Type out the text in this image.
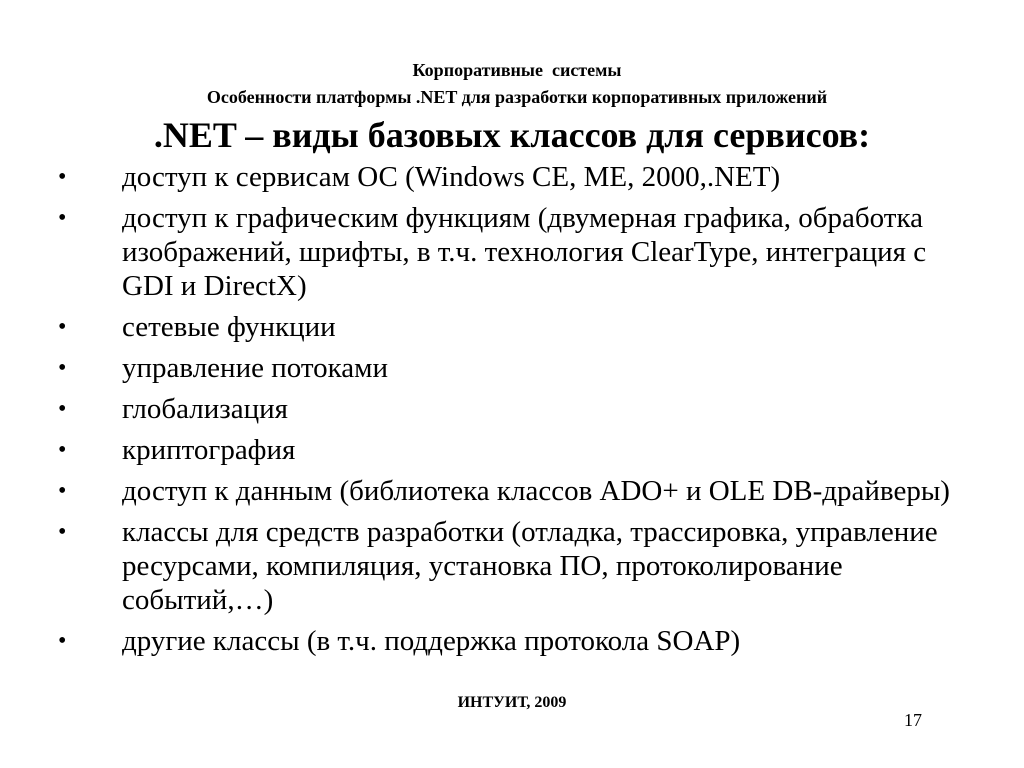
Корпоративные  системы
Особенности платформы .NET для разработки корпоративных приложений
.NET – виды базовых классов для сервисов:
• доступ к сервисам ОС (Windows CE, ME, 2000,.NET)
• доступ к графическим функциям (двумерная графика, обработка изображений, шрифты, в т.ч. технология ClearType, интеграция с GDI и DirectX)
• сетевые функции
• управление потоками
• глобализация
• криптография
• доступ к данным (библиотека классов ADO+ и OLE DB-драйверы)
• классы для средств разработки (отладка, трассировка, управление ресурсами, компиляция, установка ПО, протоколирование событий,…)
• другие классы (в т.ч. поддержка протокола SOAP)
ИНТУИТ, 2009
17
